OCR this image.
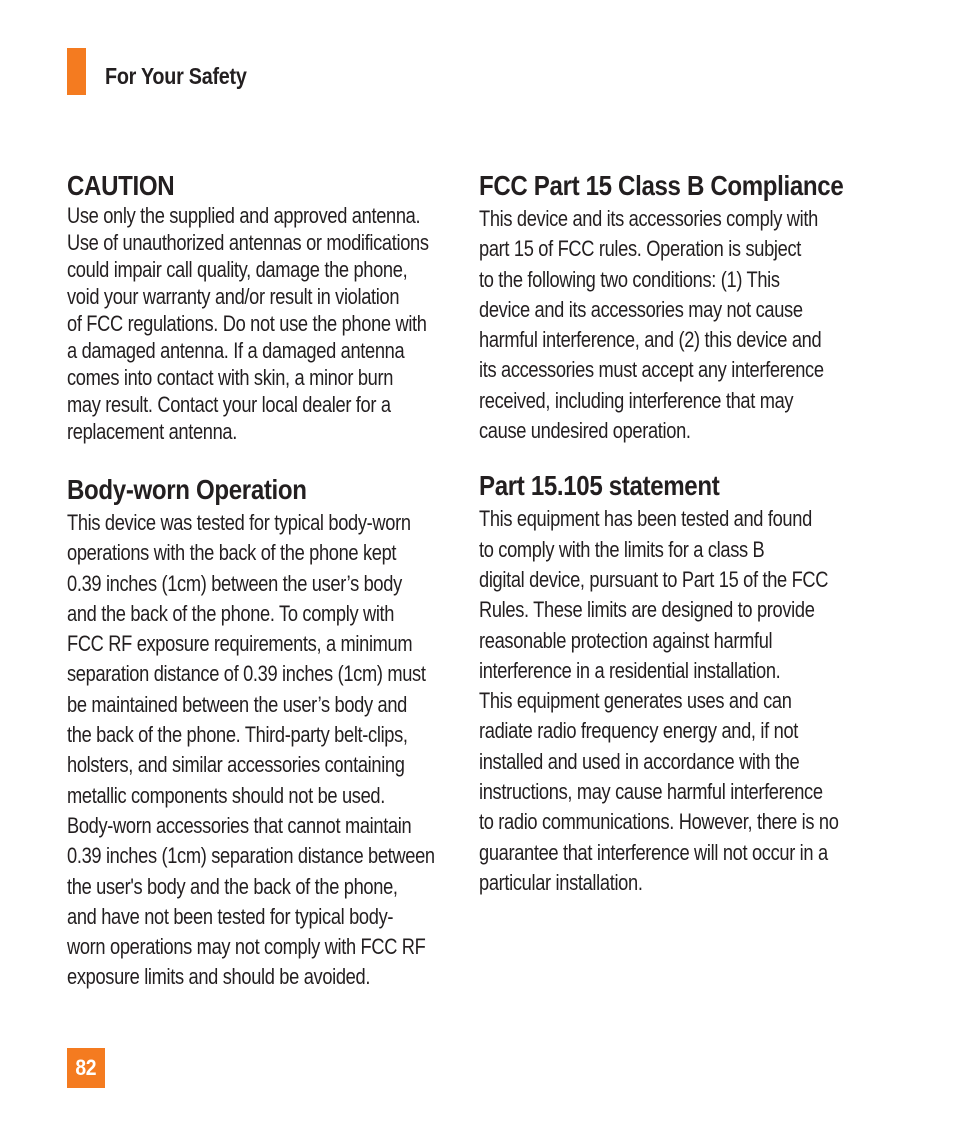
For Your Safety
CAUTION

Use only the supplied and approved antenna.
Use of unauthorized antennas or modifications
could impair call quality, damage the phone,
void your warranty and/or result in violation
of FCC regulations. Do not use the phone with
a damaged antenna. If a damaged antenna
comes into contact with skin, a minor burn
may result. Contact your local dealer for a
replacement antenna.

Body-worn Operation

This device was tested for typical body-worn
operations with the back of the phone kept
0.39 inches (1cm) between the user’s body
and the back of the phone. To comply with
FCC RF exposure requirements, a minimum
separation distance of 0.39 inches (1cm) must
be maintained between the user’s body and
the back of the phone. Third-party belt-clips,
holsters, and similar accessories containing
metallic components should not be used.
Body-worn accessories that cannot maintain
0.39 inches (1cm) separation distance between
the user's body and the back of the phone,
and have not been tested for typical body-
worn operations may not comply with FCC RF
exposure limits and should be avoided.

FCC Part 15 Class B Compliance

This device and its accessories comply with
part 15 of FCC rules. Operation is subject
to the following two conditions: (1) This
device and its accessories may not cause
harmful interference, and (2) this device and
its accessories must accept any interference
received, including interference that may
cause undesired operation.

Part 15.105 statement

This equipment has been tested and found
to comply with the limits for a class B
digital device, pursuant to Part 15 of the FCC
Rules. These limits are designed to provide
reasonable protection against harmful
interference in a residential installation.
This equipment generates uses and can
radiate radio frequency energy and, if not
installed and used in accordance with the
instructions, may cause harmful interference
to radio communications. However, there is no
guarantee that interference will not occur in a
particular installation.

82
